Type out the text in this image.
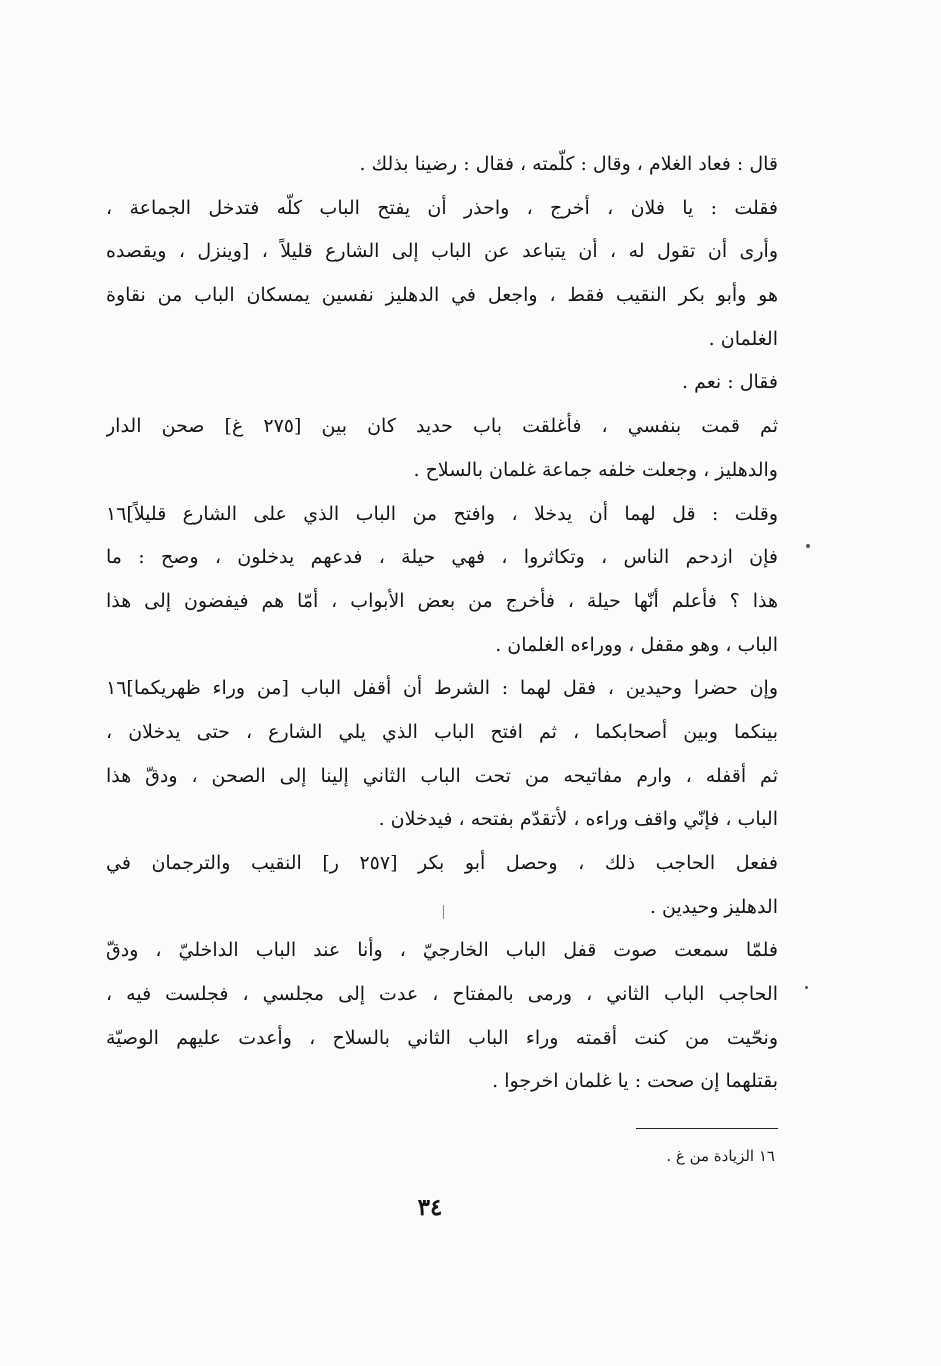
قال : فعاد الغلام ، وقال : كلّمته ، فقال : رضينا بذلك .
فقلت : يا فلان ، أخرج ، واحذر أن يفتح الباب كلّه فتدخل الجماعة ،
وأرى أن تقول له ، أن يتباعد عن الباب إلى الشارع قليلاً ، [وينزل ، ويقصده
هو وأبو بكر النقيب فقط ، واجعل في الدهليز نفسين يمسكان الباب من نقاوة
الغلمان .
فقال : نعم .
ثم قمت بنفسي ، فأغلقت باب حديد كان بين [٢٧٥ غ] صحن الدار
والدهليز ، وجعلت خلفه جماعة غلمان بالسلاح .
وقلت : قل لهما أن يدخلا ، وافتح من الباب الذي على الشارع قليلاً]١٦
فإن ازدحم الناس ، وتكاثروا ، فهي حيلة ، فدعهم يدخلون ، وصح : ما
هذا ؟ فأعلم أنّها حيلة ، فأخرج من بعض الأبواب ، أمّا هم فيفضون إلى هذا
الباب ، وهو مقفل ، ووراءه الغلمان .
وإن حضرا وحيدين ، فقل لهما : الشرط أن أقفل الباب [من وراء ظهريكما]١٦
بينكما وبين أصحابكما ، ثم افتح الباب الذي يلي الشارع ، حتى يدخلان ،
ثم أقفله ، وارم مفاتيحه من تحت الباب الثاني إلينا إلى الصحن ، ودقّ هذا
الباب ، فإنّي واقف وراءه ، لأتقدّم بفتحه ، فيدخلان .
ففعل الحاجب ذلك ، وحصل أبو بكر [٢٥٧ ر] النقيب والترجمان في
الدهليز وحيدين .
فلمّا سمعت صوت قفل الباب الخارجيّ ، وأنا عند الباب الداخليّ ، ودقّ
الحاجب الباب الثاني ، ورمى بالمفتاح ، عدت إلى مجلسي ، فجلست فيه ،
ونحّيت من كنت أقمته وراء الباب الثاني بالسلاح ، وأعدت عليهم الوصيّة
بقتلهما إن صحت : يا غلمان اخرجوا .
١٦ الزيادة من غ .
٣٤
